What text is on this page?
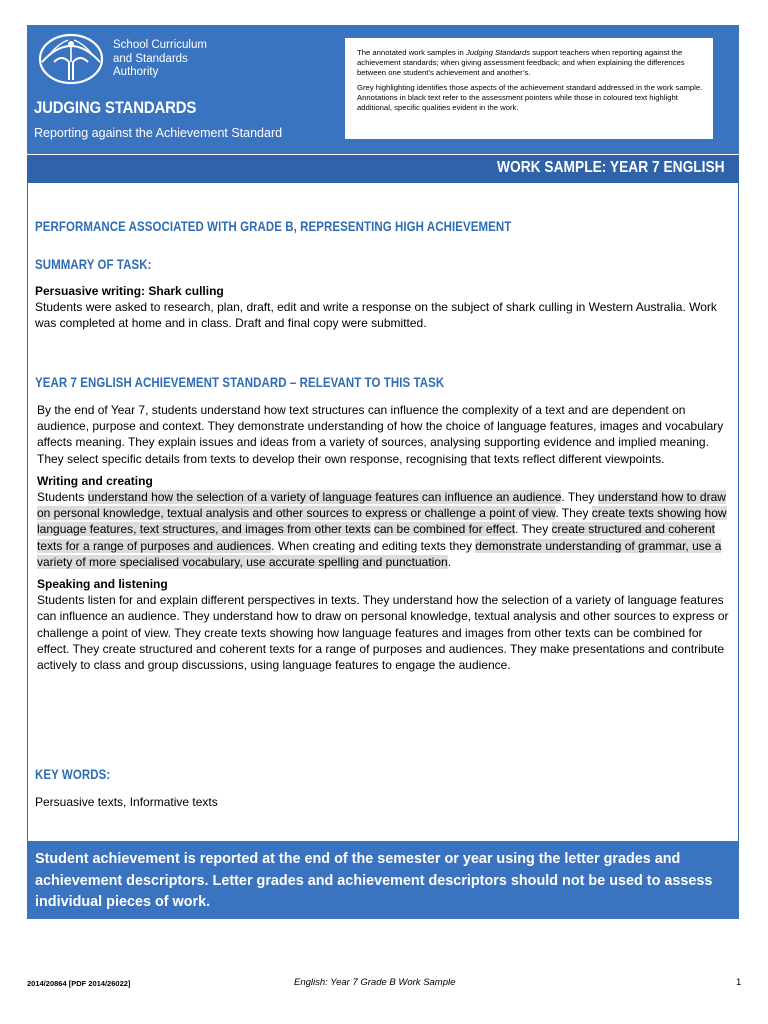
School Curriculum
and Standards
Authority
JUDGING STANDARDS
Reporting against the Achievement Standard

The annotated work samples in Judging Standards support teachers when reporting against the achievement standards; when giving assessment feedback; and when explaining the differences between one student’s achievement and another’s.

Grey highlighting identifies those aspects of the achievement standard addressed in the work sample. Annotations in black text refer to the assessment pointers while those in coloured text highlight additional, specific qualities evident in the work.

WORK SAMPLE: YEAR 7 ENGLISH
PERFORMANCE ASSOCIATED WITH GRADE B, REPRESENTING HIGH ACHIEVEMENT
SUMMARY OF TASK:
Persuasive writing: Shark culling
Students were asked to research, plan, draft, edit and write a response on the subject of shark culling in Western Australia. Work was completed at home and in class. Draft and final copy were submitted.
YEAR 7 ENGLISH ACHIEVEMENT STANDARD – RELEVANT TO THIS TASK
By the end of Year 7, students understand how text structures can influence the complexity of a text and are dependent on audience, purpose and context. They demonstrate understanding of how the choice of language features, images and vocabulary affects meaning. They explain issues and ideas from a variety of sources, analysing supporting evidence and implied meaning. They select specific details from texts to develop their own response, recognising that texts reflect different viewpoints.
Writing and creating
Students understand how the selection of a variety of language features can influence an audience. They understand how to draw on personal knowledge, textual analysis and other sources to express or challenge a point of view. They create texts showing how language features, text structures, and images from other texts can be combined for effect. They create structured and coherent texts for a range of purposes and audiences. When creating and editing texts they demonstrate understanding of grammar, use a variety of more specialised vocabulary, use accurate spelling and punctuation.
Speaking and listening
Students listen for and explain different perspectives in texts. They understand how the selection of a variety of language features can influence an audience. They understand how to draw on personal knowledge, textual analysis and other sources to express or challenge a point of view. They create texts showing how language features and images from other texts can be combined for effect. They create structured and coherent texts for a range of purposes and audiences. They make presentations and contribute actively to class and group discussions, using language features to engage the audience.
KEY WORDS:
Persuasive texts, Informative texts
Student achievement is reported at the end of the semester or year using the letter grades and achievement descriptors. Letter grades and achievement descriptors should not be used to assess individual pieces of work.
2014/20864 [PDF 2014/26022]	English: Year 7 Grade B Work Sample	1
